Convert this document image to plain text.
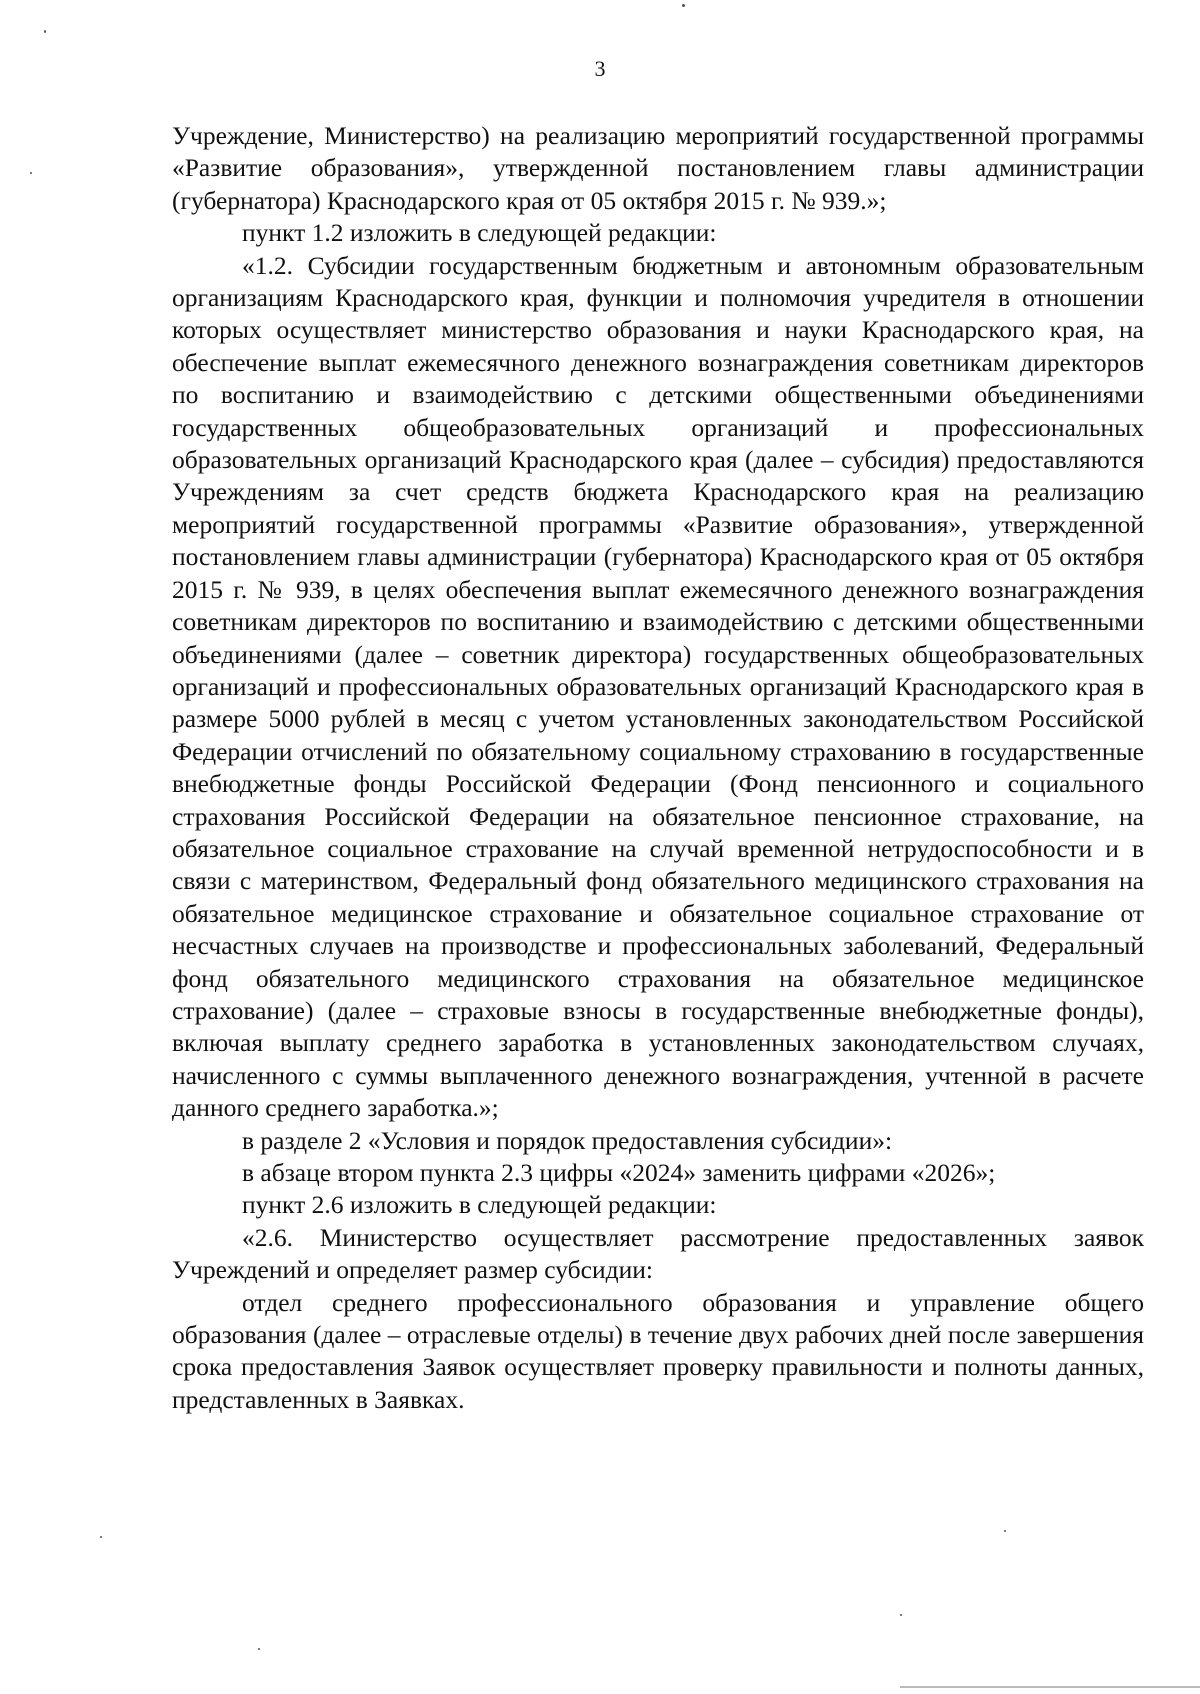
3

Учреждение, Министерство) на реализацию мероприятий государственной программы «Развитие образования», утвержденной постановлением главы администрации (губернатора) Краснодарского края от 05 октября 2015 г. № 939.»;

пункт 1.2 изложить в следующей редакции:

«1.2. Субсидии государственным бюджетным и автономным образовательным организациям Краснодарского края, функции и полномочия учредителя в отношении которых осуществляет министерство образования и науки Краснодарского края, на обеспечение выплат ежемесячного денежного вознаграждения советникам директоров по воспитанию и взаимодействию с детскими общественными объединениями государственных общеобразовательных организаций и профессиональных образовательных организаций Краснодарского края (далее – субсидия) предоставляются Учреждениям за счет средств бюджета Краснодарского края на реализацию мероприятий государственной программы «Развитие образования», утвержденной постановлением главы администрации (губернатора) Краснодарского края от 05 октября 2015 г. № 939, в целях обеспечения выплат ежемесячного денежного вознаграждения советникам директоров по воспитанию и взаимодействию с детскими общественными объединениями (далее – советник директора) государственных общеобразовательных организаций и профессиональных образовательных организаций Краснодарского края в размере 5000 рублей в месяц с учетом установленных законодательством Российской Федерации отчислений по обязательному социальному страхованию в государственные внебюджетные фонды Российской Федерации (Фонд пенсионного и социального страхования Российской Федерации на обязательное пенсионное страхование, на обязательное социальное страхование на случай временной нетрудоспособности и в связи с материнством, Федеральный фонд обязательного медицинского страхования на обязательное медицинское страхование и обязательное социальное страхование от несчастных случаев на производстве и профессиональных заболеваний, Федеральный фонд обязательного медицинского страхования на обязательное медицинское страхование) (далее – страховые взносы в государственные внебюджетные фонды), включая выплату среднего заработка в установленных законодательством случаях, начисленного с суммы выплаченного денежного вознаграждения, учтенной в расчете данного среднего заработка.»;

в разделе 2 «Условия и порядок предоставления субсидии»:

в абзаце втором пункта 2.3 цифры «2024» заменить цифрами «2026»;

пункт 2.6 изложить в следующей редакции:

«2.6. Министерство осуществляет рассмотрение предоставленных заявок Учреждений и определяет размер субсидии:

отдел среднего профессионального образования и управление общего образования (далее – отраслевые отделы) в течение двух рабочих дней после завершения срока предоставления Заявок осуществляет проверку правильности и полноты данных, представленных в Заявках.
